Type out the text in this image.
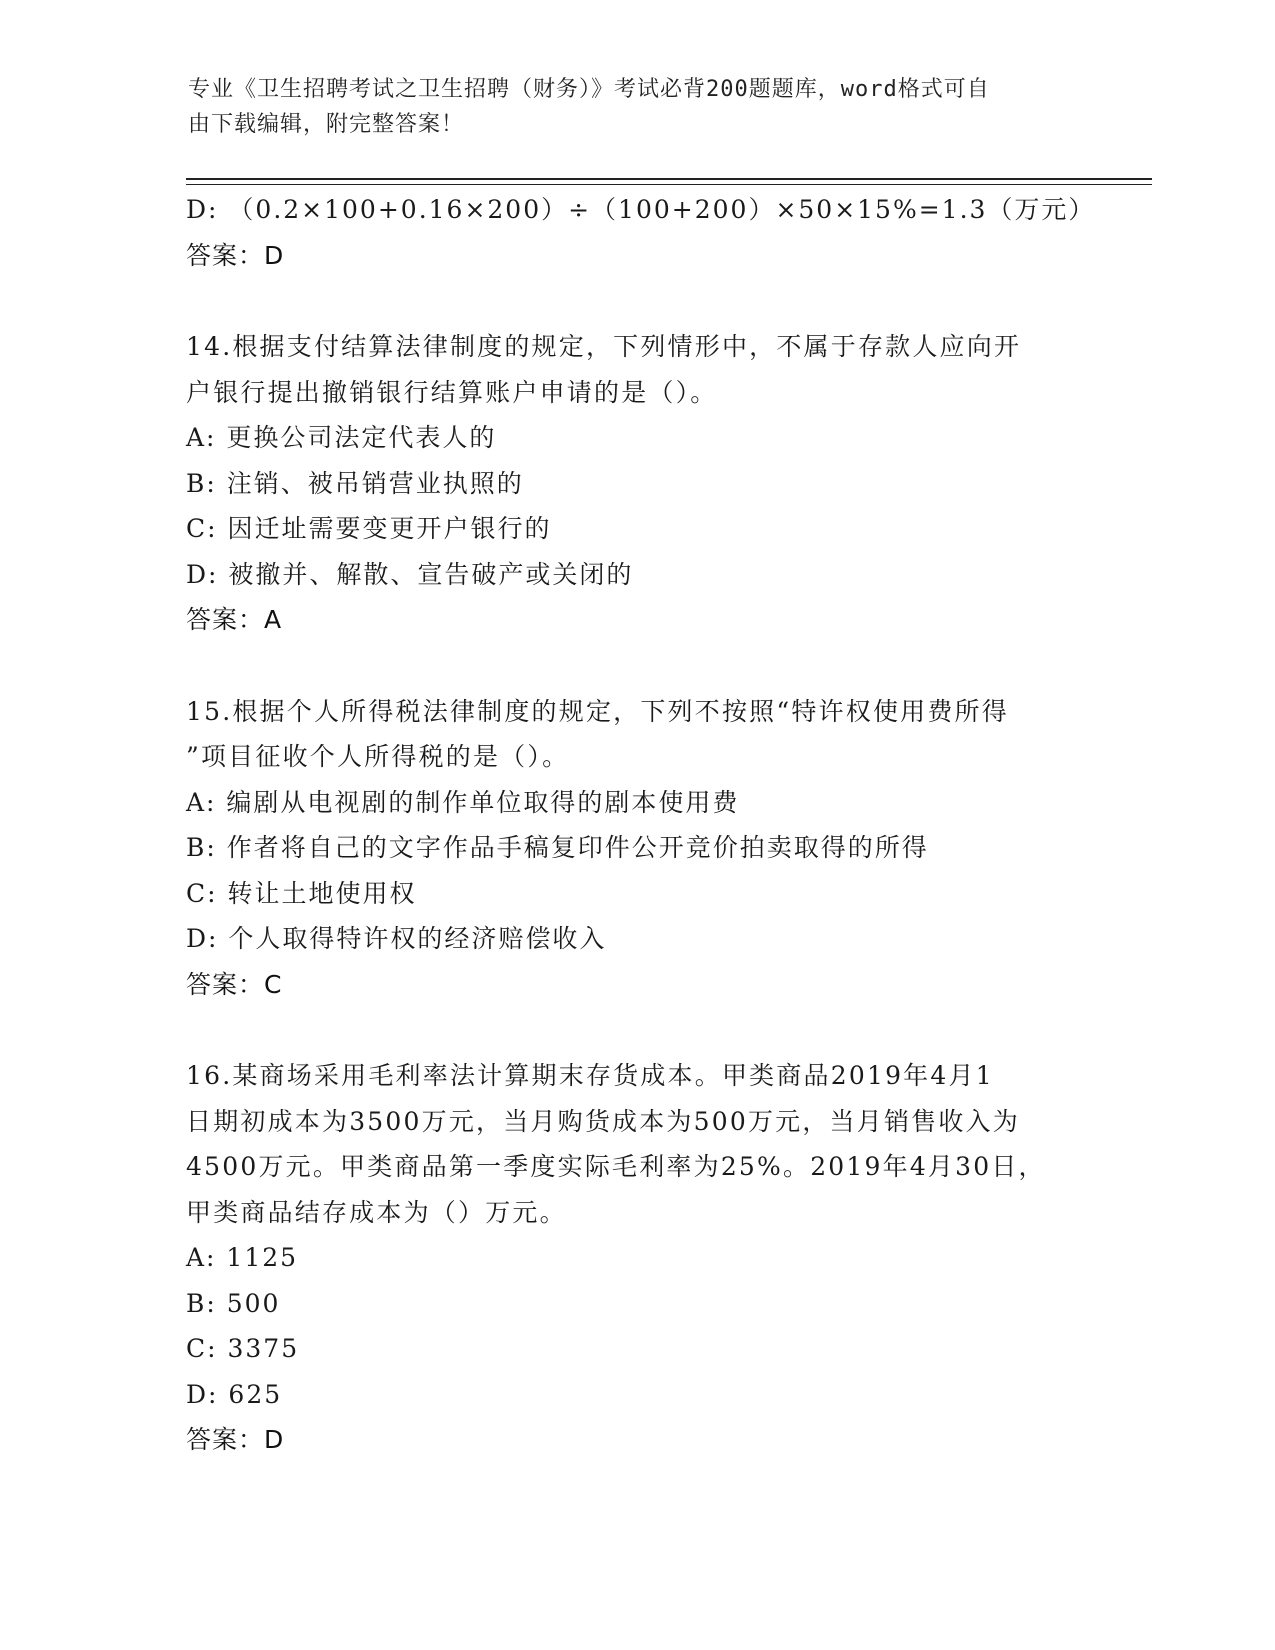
专业《卫生招聘考试之卫生招聘（财务）》考试必背200题题库，word格式可自
由下载编辑，附完整答案！
D: （0.2×100+0.16×200）÷（100+200）×50×15%=1.3（万元）
答案：D
14.根据支付结算法律制度的规定，下列情形中，不属于存款人应向开
户银行提出撤销银行结算账户申请的是（）。
A: 更换公司法定代表人的
B: 注销、被吊销营业执照的
C: 因迁址需要变更开户银行的
D: 被撤并、解散、宣告破产或关闭的
答案：A
15.根据个人所得税法律制度的规定，下列不按照“特许权使用费所得
”项目征收个人所得税的是（）。
A: 编剧从电视剧的制作单位取得的剧本使用费
B: 作者将自己的文字作品手稿复印件公开竞价拍卖取得的所得
C: 转让土地使用权
D: 个人取得特许权的经济赔偿收入
答案：C
16.某商场采用毛利率法计算期末存货成本。甲类商品2019年4月1
日期初成本为3500万元，当月购货成本为500万元，当月销售收入为
4500万元。甲类商品第一季度实际毛利率为25%。2019年4月30日，
甲类商品结存成本为（）万元。
A: 1125
B: 500
C: 3375
D: 625
答案：D
